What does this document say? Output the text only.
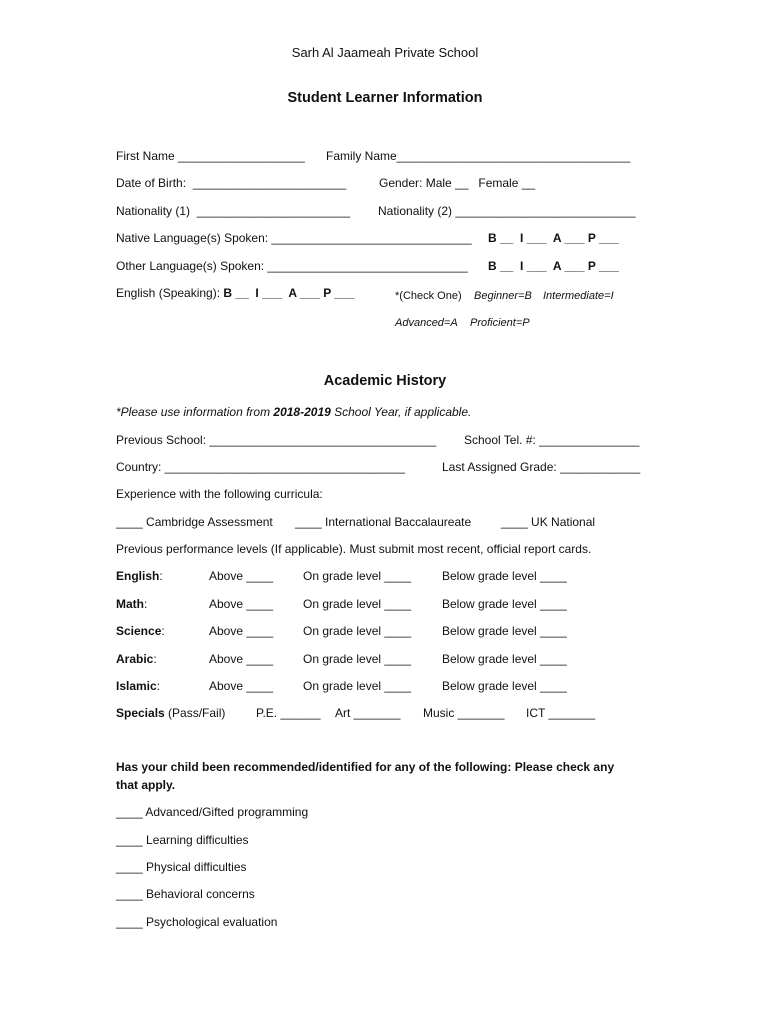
Sarh Al Jaameah Private School
Student Learner Information
First Name ___________________ Family Name___________________________________
Date of Birth:  _______________________	Gender: Male __   Female __
Nationality (1)  _______________________ Nationality (2) ___________________________
Native Language(s) Spoken: ______________________________ B __  I ___  A ___ P ___
Other Language(s) Spoken: ______________________________ B __  I ___  A ___ P ___
English (Speaking): B __  I ___  A ___ P ___	*(Check One) Beginner=B Intermediate=I
Advanced=A Proficient=P
Academic History
*Please use information from 2018-2019 School Year, if applicable.
Previous School: __________________________________ School Tel. #: _______________
Country: ____________________________________	Last Assigned Grade: ____________
Experience with the following curricula:
____ Cambridge Assessment ____ International Baccalaureate ____ UK National
Previous performance levels (If applicable). Must submit most recent, official report cards.
English:	Above ____ On grade level ____	Below grade level ____
Math:	Above ____ On grade level ____	Below grade level ____
Science:	Above ____ On grade level ____	Below grade level ____
Arabic:	Above ____ On grade level ____	Below grade level ____
Islamic:	Above ____ On grade level ____	Below grade level ____
Specials (Pass/Fail)	P.E. ______ Art _______ Music _______ ICT _______
Has your child been recommended/identified for any of the following: Please check any
that apply.
____ Advanced/Gifted programming
____ Learning difficulties
____ Physical difficulties
____ Behavioral concerns
____ Psychological evaluation
